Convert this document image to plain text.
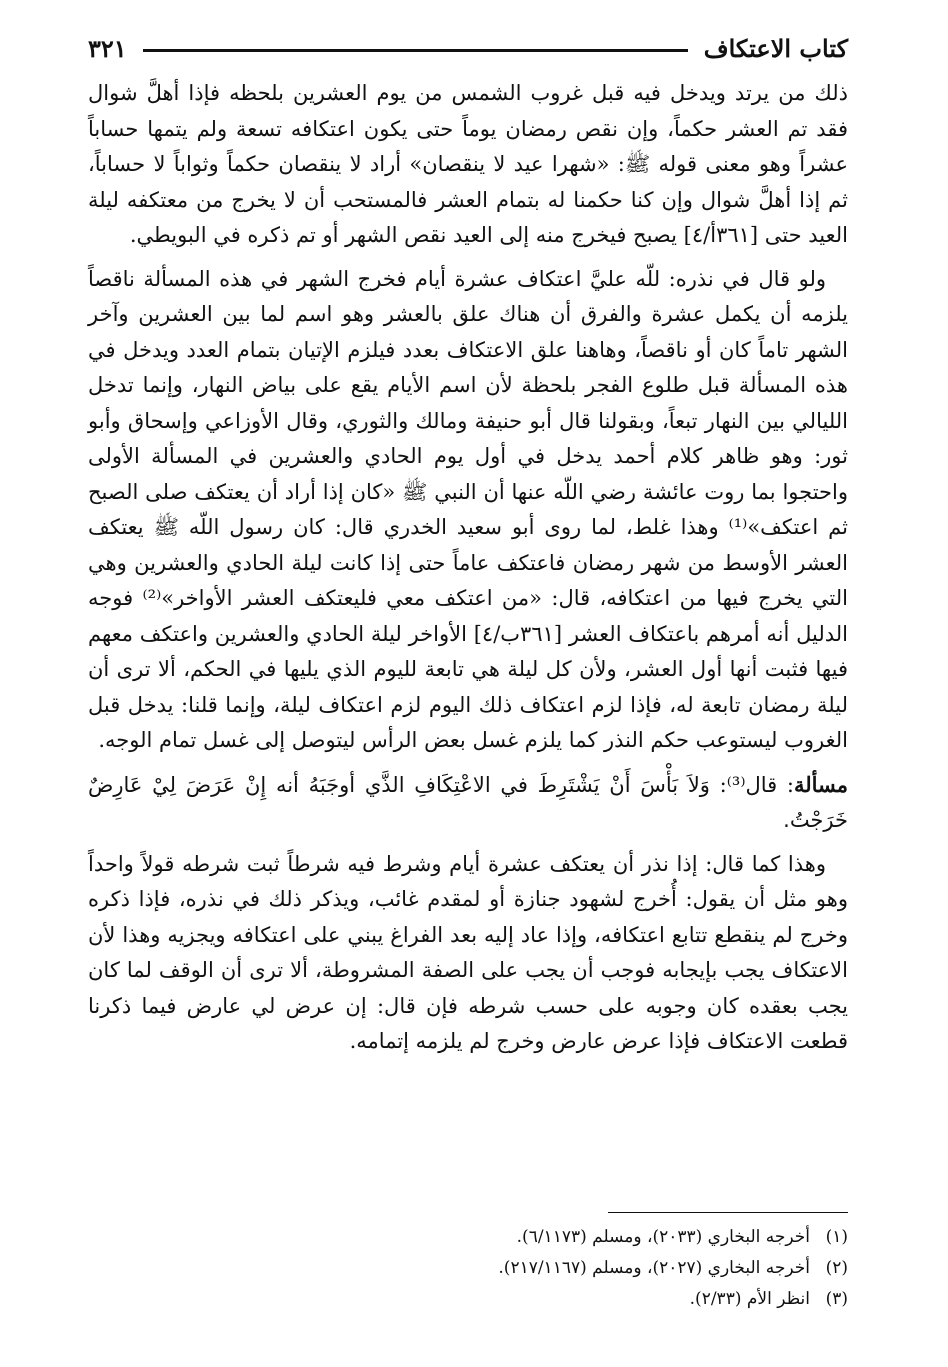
كتاب الاعتكاف
٣٢١

ذلك من يرتد ويدخل فيه قبل غروب الشمس من يوم العشرين بلحظه فإذا أهلَّ شوال فقد تم العشر حكماً، وإن نقص رمضان يوماً حتى يكون اعتكافه تسعة ولم يتمها حساباً عشراً وهو معنى قوله ﷺ: «شهرا عيد لا ينقصان» أراد لا ينقصان حكماً وثواباً لا حساباً، ثم إذا أهلَّ شوال وإن كنا حكمنا له بتمام العشر فالمستحب أن لا يخرج من معتكفه ليلة العيد حتى [٣٦١أ/٤] يصبح فيخرج منه إلى العيد نقص الشهر أو تم ذكره في البويطي.

ولو قال في نذره: للّه عليَّ اعتكاف عشرة أيام فخرج الشهر في هذه المسألة ناقصاً يلزمه أن يكمل عشرة والفرق أن هناك علق بالعشر وهو اسم لما بين العشرين وآخر الشهر تاماً كان أو ناقصاً، وهاهنا علق الاعتكاف بعدد فيلزم الإتيان بتمام العدد ويدخل في هذه المسألة قبل طلوع الفجر بلحظة لأن اسم الأيام يقع على بياض النهار، وإنما تدخل الليالي بين النهار تبعاً، وبقولنا قال أبو حنيفة ومالك والثوري، وقال الأوزاعي وإسحاق وأبو ثور: وهو ظاهر كلام أحمد يدخل في أول يوم الحادي والعشرين في المسألة الأولى واحتجوا بما روت عائشة رضي اللّه عنها أن النبي ﷺ «كان إذا أراد أن يعتكف صلى الصبح ثم اعتكف»⁽¹⁾ وهذا غلط، لما روى أبو سعيد الخدري قال: كان رسول اللّه ﷺ يعتكف العشر الأوسط من شهر رمضان فاعتكف عاماً حتى إذا كانت ليلة الحادي والعشرين وهي التي يخرج فيها من اعتكافه، قال: «من اعتكف معي فليعتكف العشر الأواخر»⁽²⁾ فوجه الدليل أنه أمرهم باعتكاف العشر [٣٦١ب/٤] الأواخر ليلة الحادي والعشرين واعتكف معهم فيها فثبت أنها أول العشر، ولأن كل ليلة هي تابعة لليوم الذي يليها في الحكم، ألا ترى أن ليلة رمضان تابعة له، فإذا لزم اعتكاف ذلك اليوم لزم اعتكاف ليلة، وإنما قلنا: يدخل قبل الغروب ليستوعب حكم النذر كما يلزم غسل بعض الرأس ليتوصل إلى غسل تمام الوجه.

مسألة: قال⁽³⁾: وَلاَ بَأْسَ أَنْ يَشْتَرِطَ في الاعْتِكَافِ الذَّي أوجَبَهُ أنه إِنْ عَرَضَ لِيْ عَارِضٌ خَرَجْتُ.

وهذا كما قال: إذا نذر أن يعتكف عشرة أيام وشرط فيه شرطاً ثبت شرطه قولاً واحداً وهو مثل أن يقول: أُخرج لشهود جنازة أو لمقدم غائب، ويذكر ذلك في نذره، فإذا ذكره وخرج لم ينقطع تتابع اعتكافه، وإذا عاد إليه بعد الفراغ يبني على اعتكافه ويجزيه وهذا لأن الاعتكاف يجب بإيجابه فوجب أن يجب على الصفة المشروطة، ألا ترى أن الوقف لما كان يجب بعقده كان وجوبه على حسب شرطه فإن قال: إن عرض لي عارض فيما ذكرنا قطعت الاعتكاف فإذا عرض عارض وخرج لم يلزمه إتمامه.

(١)
أخرجه البخاري (٢٠٣٣)، ومسلم (٦/١١٧٣).
(٢)
أخرجه البخاري (٢٠٢٧)، ومسلم (٢١٧/١١٦٧).
(٣)
انظر الأم (٢/٣٣).
